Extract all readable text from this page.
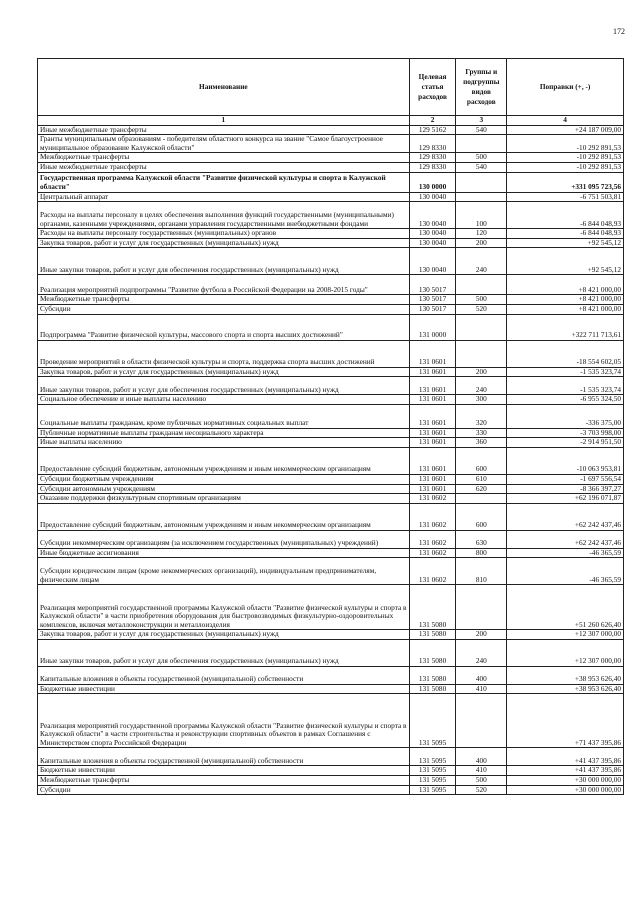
172
Наименование	Целевая статья расходов	Группы и подгруппы видов расходов	Поправки (+, -)
1	2	3	4
Иные межбюджетные трансферты	129 5162	540	+24 187 009,00
Гранты муниципальным образованиям - победителям областного конкурса на звание "Самое благоустроенное муниципальное образование Калужской области"	129 8330		-10 292 891,53
Межбюджетные трансферты	129 8330	500	-10 292 891,53
Иные межбюджетные трансферты	129 8330	540	-10 292 891,53
Государственная программа Калужской области "Развитие физической культуры и спорта в Калужской области"	130 0000		+331 095 723,56
Центральный аппарат	130 0040		-6 751 503,81
Расходы на выплаты персоналу в целях обеспечения выполнения функций государственными (муниципальными) органами, казенными учреждениями, органами управления государственными внебюджетными фондами	130 0040	100	-6 844 048,93
Расходы на выплаты персоналу государственных (муниципальных) органов	130 0040	120	-6 844 048,93
Закупка товаров, работ и услуг для государственных (муниципальных) нужд	130 0040	200	+92 545,12
Иные закупки товаров, работ и услуг для обеспечения государственных (муниципальных) нужд	130 0040	240	+92 545,12
Реализация мероприятий подпрограммы "Развитие футбола в Российской Федерации на 2008-2015 годы"	130 5017		+8 421 000,00
Межбюджетные трансферты	130 5017	500	+8 421 000,00
Субсидии	130 5017	520	+8 421 000,00
Подпрограмма "Развитие физической культуры, массового спорта и спорта высших достижений"	131 0000		+322 711 713,61
Проведение мероприятий в области физической культуры и спорта, поддержка спорта высших достижений	131 0601		-18 554 602,05
Закупка товаров, работ и услуг для государственных (муниципальных) нужд	131 0601	200	-1 535 323,74
Иные закупки товаров, работ и услуг для обеспечения государственных (муниципальных) нужд	131 0601	240	-1 535 323,74
Социальное обеспечение и иные выплаты населению	131 0601	300	-6 955 324,50
Социальные выплаты гражданам, кроме публичных нормативных социальных выплат	131 0601	320	-336 375,00
Публичные нормативные выплаты гражданам несоциального характера	131 0601	330	-3 703 998,00
Иные выплаты населению	131 0601	360	-2 914 951,50
Предоставление субсидий бюджетным, автономным учреждениям и иным некоммерческим организациям	131 0601	600	-10 063 953,81
Субсидии бюджетным учреждениям	131 0601	610	-1 697 556,54
Субсидии автономным учреждениям	131 0601	620	-8 366 397,27
Оказание поддержки физкультурным спортивным организациям	131 0602		+62 196 071,87
Предоставление субсидий бюджетным, автономным учреждениям и иным некоммерческим организациям	131 0602	600	+62 242 437,46
Субсидии некоммерческим организациям (за исключением государственных (муниципальных) учреждений)	131 0602	630	+62 242 437,46
Иные бюджетные ассигнования	131 0602	800	-46 365,59
Субсидии юридическим лицам (кроме некоммерческих организаций), индивидуальным предпринимателям, физическим лицам	131 0602	810	-46 365,59
Реализация мероприятий государственной программы Калужской области "Развитие физической культуры и спорта в Калужской области" в части приобретения оборудования для быстровозводимых физкультурно-оздоровительных комплексов, включая металлоконструкции и металлоизделия	131 5080		+51 260 626,40
Закупка товаров, работ и услуг для государственных (муниципальных) нужд	131 5080	200	+12 307 000,00
Иные закупки товаров, работ и услуг для обеспечения государственных (муниципальных) нужд	131 5080	240	+12 307 000,00
Капитальные вложения в объекты государственной (муниципальной) собственности	131 5080	400	+38 953 626,40
Бюджетные инвестиции	131 5080	410	+38 953 626,40
Реализация мероприятий государственной программы Калужской области "Развитие физической культуры и спорта в Калужской области" в части строительства и реконструкции спортивных объектов в рамках Соглашения с Министерством спорта Российской Федерации	131 5095		+71 437 395,86
Капитальные вложения в объекты государственной (муниципальной) собственности	131 5095	400	+41 437 395,86
Бюджетные инвестиции	131 5095	410	+41 437 395,86
Межбюджетные трансферты	131 5095	500	+30 000 000,00
Субсидии	131 5095	520	+30 000 000,00
